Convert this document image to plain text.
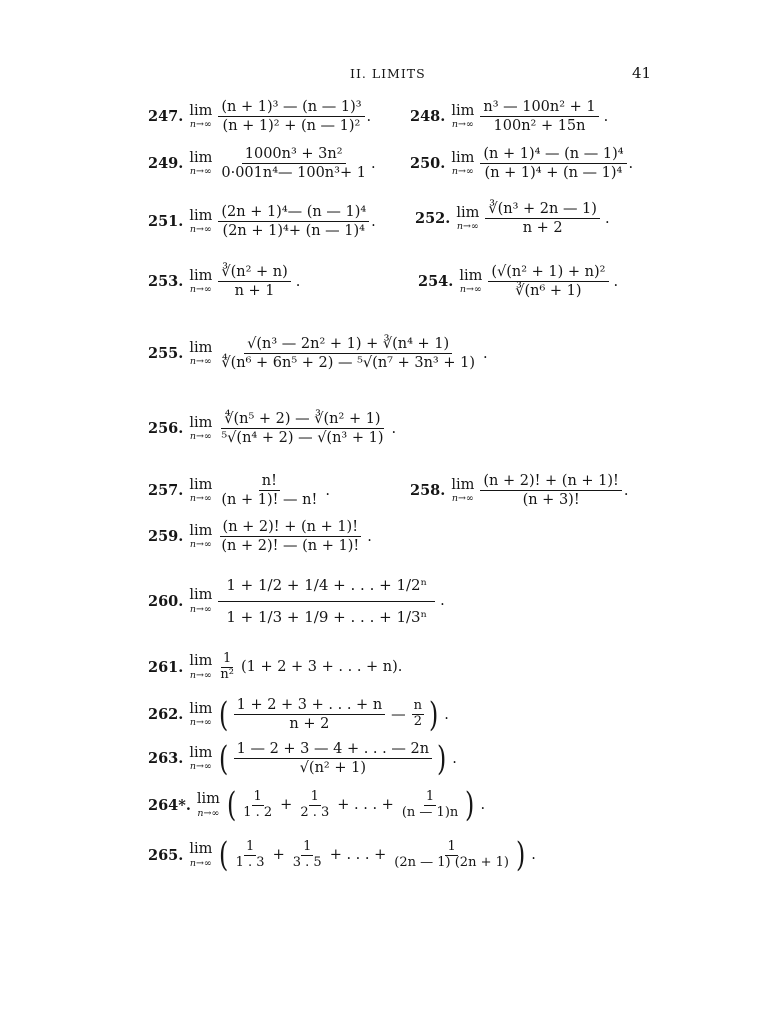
II. LIMITS	41
247. lim
n→∞
(n + 1)³ — (n — 1)³
(n + 1)² + (n — 1)²
.	248. lim
n→∞
n³ — 100n² + 1
100n² + 15n
.
249. lim
n→∞
1000n³ + 3n²
0·001n⁴— 100n³+ 1
. 250. lim
n→∞
(n + 1)⁴ — (n — 1)⁴
(n + 1)⁴ + (n — 1)⁴
.
251. lim
n→∞
(2n + 1)⁴— (n — 1)⁴
(2n + 1)⁴+ (n — 1)⁴
.	252. lim
n→∞
∛(n³ + 2n — 1)
n + 2
.
253. lim
n→∞
∛(n² + n)
n + 1
.	254. lim
n→∞
(√(n² + 1) + n)²
∛(n⁶ + 1)
.
255. lim
n→∞
√(n³ — 2n² + 1) + ∛(n⁴ + 1)
∜(n⁶ + 6n⁵ + 2) — ⁵√(n⁷ + 3n³ + 1)
.
256. lim
n→∞
∜(n⁵ + 2) — ∛(n² + 1)
⁵√(n⁴ + 2) — √(n³ + 1)
.
257. lim
n→∞
n!
(n + 1)! — n!
.	258. lim
n→∞
(n + 2)! + (n + 1)!
(n + 3)!
.
259. lim
n→∞
(n + 2)! + (n + 1)!
(n + 2)! — (n + 1)!
.
260. lim
n→∞
1 + 1/2 + 1/4 + . . . + 1/2ⁿ
1 + 1/3 + 1/9 + . . . + 1/3ⁿ
.
261. lim
n→∞
1
n² (1 + 2 + 3 + . . . + n).
262. lim
n→∞ ( 1 + 2 + 3 + . . . + n
n + 2
—
n
2 ) .
263. lim
n→∞ ( 1 — 2 + 3 — 4 + . . . — 2n
√(n² + 1) ) .
264*. lim
n→∞ ( 1
1 . $2 + \frac{1}{2 . 3}$ + . . . + $\frac{1}{(n — 1)n}$ ) .
265. lim
n→∞ ( 1
1 . $3 + \frac{1}{3 . 5}$ + . . . + $\frac{1}{(2n — 1) (2n + 1)}$ ) .
